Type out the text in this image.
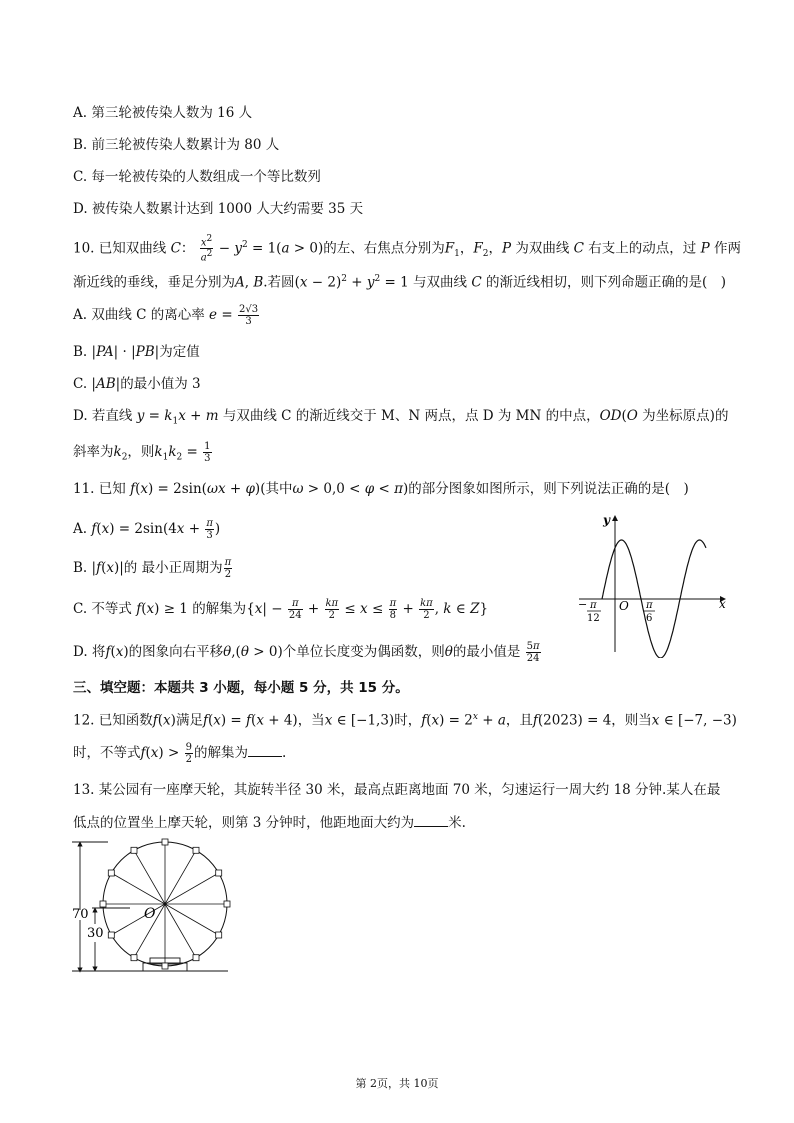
A. 第三轮被传染人数为 16 人
B. 前三轮被传染人数累计为 80 人
C. 每一轮被传染的人数组成一个等比数列
D. 被传染人数累计达到 1000 人大约需要 35 天
10. 已知双曲线 C： $\frac{x2}{a2} - y^2 = 1(a > 0)$的左、右焦点分别为$F_1$，$F_2$，P 为双曲线 C 右支上的动点，过 P 作两
渐近线的垂线，垂足分别为A, B.若圆$(x - 2)^2 + y^2 = 1$ 与双曲线 C 的渐近线相切，则下列命题正确的是(　)
A. 双曲线 C 的离心率 $e = \frac{2√3}{3}$
B. |PA| · |PB|为定值
C. |AB|的最小值为 3
D. 若直线 $y = k_1x + m$ 与双曲线 C 的渐近线交于 M、N 两点，点 D 为 MN 的中点，OD(O 为坐标原点)的
斜率为$k_2$，则$k_1k_2 = \frac{1}{3}$
11. 已知 f(x) = 2sin(ωx + φ)(其中ω > 0,0 < φ < π)的部分图象如图所示，则下列说法正确的是(　)
A. $f(x) = 2\sin(4x + \frac{\pi}{3}$ )
B. |f(x)|的 最小正周期为 $\frac{\pi}{2}$
C. 不等式 f(x) ≥ 1 的解集为{$x| - \frac{\pi}{24} + \frac{k\pi}{2} \le x \le \frac{\pi}{8} + \frac{k\pi}{2}$ , k ∈ Z}
D. 将f(x)的图象向右平移θ,(θ > 0)个单位长度变为偶函数，则θ的最小值是 $\frac{5\pi}{24}$
y
x
O
− π
12
π
6
三、填空题：本题共 3 小题，每小题 5 分，共 15 分。
12. 已知函数f(x)满足f(x) = f(x + 4)，当x ∈ [−1,3)时，$f(x) = 2^x + a$，且f(2023) = 4，则当x ∈ [−7, −3)
时，不等式$f(x) > \frac{9}{2}$ 的解集为	.
13. 某公园有一座摩天轮，其旋转半径 30 米，最高点距离地面 70 米，匀速运行一周大约 18 分钟.某人在最
低点的位置坐上摩天轮，则第 3 分钟时，他距地面大约为	米.
70
30
O
第 2页，共 10页
